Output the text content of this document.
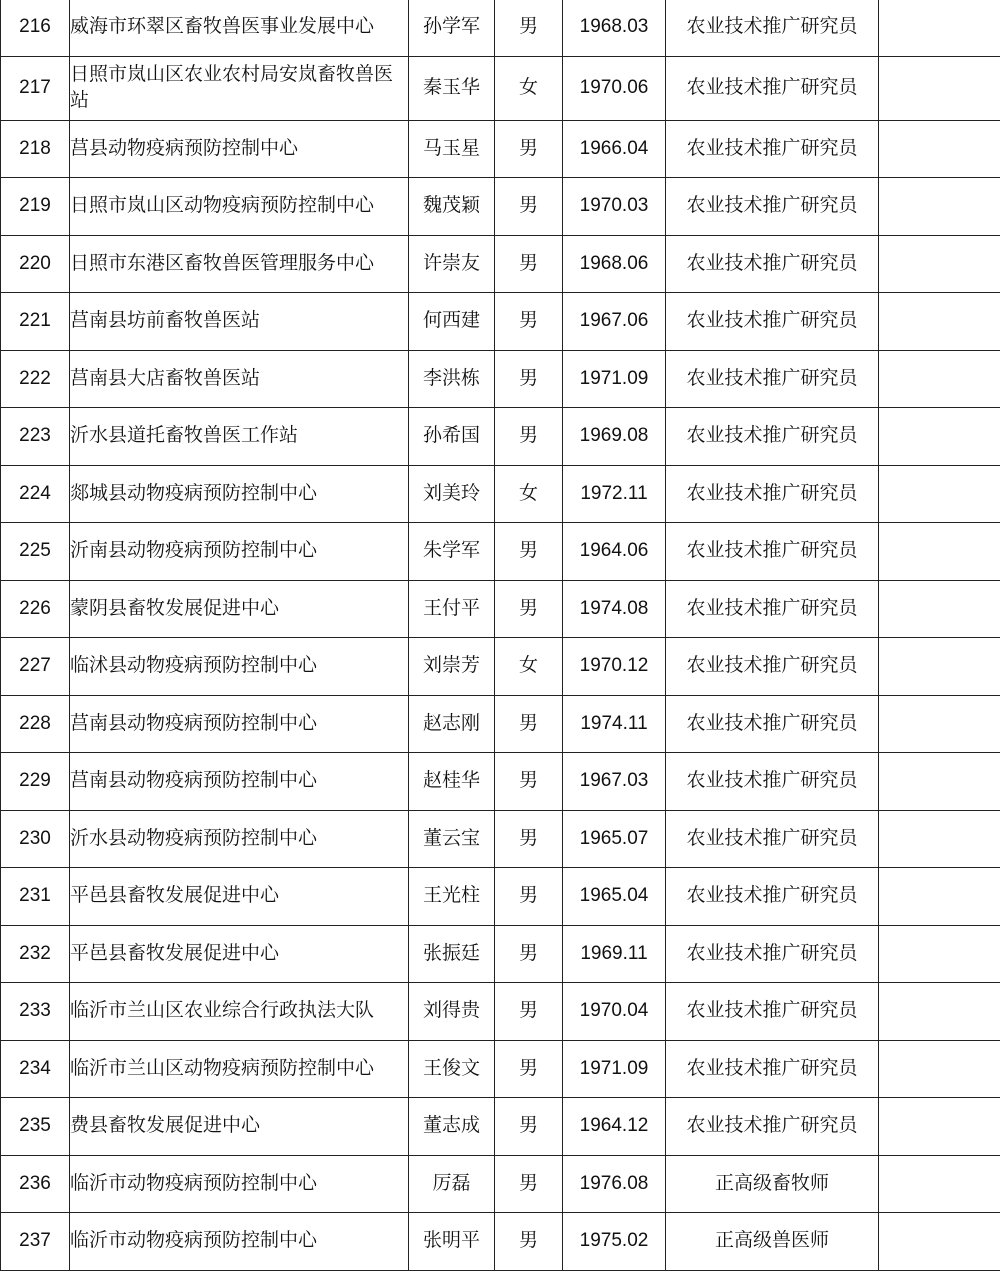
216	威海市环翠区畜牧兽医事业发展中心	孙学军	男	1968.03	农业技术推广研究员	
217	日照市岚山区农业农村局安岚畜牧兽医站	秦玉华	女	1970.06	农业技术推广研究员	
218	莒县动物疫病预防控制中心	马玉星	男	1966.04	农业技术推广研究员	
219	日照市岚山区动物疫病预防控制中心	魏茂颖	男	1970.03	农业技术推广研究员	
220	日照市东港区畜牧兽医管理服务中心	许崇友	男	1968.06	农业技术推广研究员	
221	莒南县坊前畜牧兽医站	何西建	男	1967.06	农业技术推广研究员	
222	莒南县大店畜牧兽医站	李洪栋	男	1971.09	农业技术推广研究员	
223	沂水县道托畜牧兽医工作站	孙希国	男	1969.08	农业技术推广研究员	
224	郯城县动物疫病预防控制中心	刘美玲	女	1972.11	农业技术推广研究员	
225	沂南县动物疫病预防控制中心	朱学军	男	1964.06	农业技术推广研究员	
226	蒙阴县畜牧发展促进中心	王付平	男	1974.08	农业技术推广研究员	
227	临沭县动物疫病预防控制中心	刘崇芳	女	1970.12	农业技术推广研究员	
228	莒南县动物疫病预防控制中心	赵志刚	男	1974.11	农业技术推广研究员	
229	莒南县动物疫病预防控制中心	赵桂华	男	1967.03	农业技术推广研究员	
230	沂水县动物疫病预防控制中心	董云宝	男	1965.07	农业技术推广研究员	
231	平邑县畜牧发展促进中心	王光柱	男	1965.04	农业技术推广研究员	
232	平邑县畜牧发展促进中心	张振廷	男	1969.11	农业技术推广研究员	
233	临沂市兰山区农业综合行政执法大队	刘得贵	男	1970.04	农业技术推广研究员	
234	临沂市兰山区动物疫病预防控制中心	王俊文	男	1971.09	农业技术推广研究员	
235	费县畜牧发展促进中心	董志成	男	1964.12	农业技术推广研究员	
236	临沂市动物疫病预防控制中心	厉磊	男	1976.08	正高级畜牧师	
237	临沂市动物疫病预防控制中心	张明平	男	1975.02	正高级兽医师	
